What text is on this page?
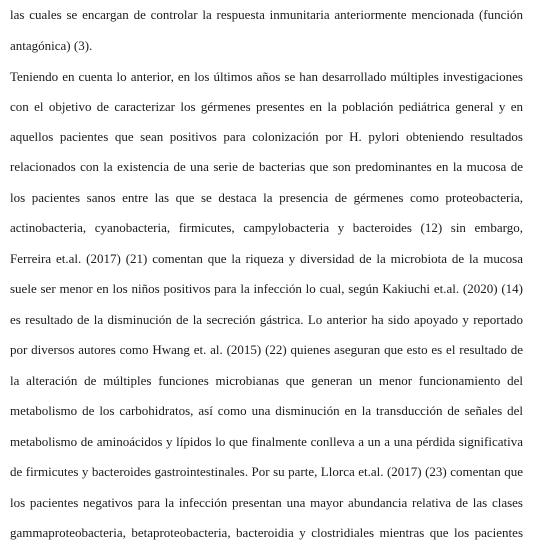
las cuales se encargan de controlar la respuesta inmunitaria anteriormente mencionada (función

antagónica) (3).

Teniendo en cuenta lo anterior, en los últimos años se han desarrollado múltiples investigaciones

con el objetivo de caracterizar los gérmenes presentes en la población pediátrica general y en

aquellos pacientes que sean positivos para colonización por H. pylori obteniendo resultados

relacionados con la existencia de una serie de bacterias que son predominantes en la mucosa de

los pacientes sanos entre las que se destaca la presencia de gérmenes como proteobacteria,

actinobacteria, cyanobacteria, firmicutes, campylobacteria y bacteroides (12) sin embargo,

Ferreira et.al. (2017) (21) comentan que la riqueza y diversidad de la microbiota de la mucosa

suele ser menor en los niños positivos para la infección lo cual, según Kakiuchi et.al. (2020) (14)

es resultado de la disminución de la secreción gástrica. Lo anterior ha sido apoyado y reportado

por diversos autores como Hwang et. al. (2015) (22) quienes aseguran que esto es el resultado de

la alteración de múltiples funciones microbianas que generan un menor funcionamiento del

metabolismo de los carbohidratos, así como una disminución en la transducción de señales del

metabolismo de aminoácidos y lípidos lo que finalmente conlleva a un a una pérdida significativa

de firmicutes y bacteroides gastrointestinales. Por su parte, Llorca et.al. (2017) (23) comentan que

los pacientes negativos para la infección presentan una mayor abundancia relativa de las clases

gammaproteobacteria, betaproteobacteria, bacteroidia y clostridiales mientras que los pacientes
